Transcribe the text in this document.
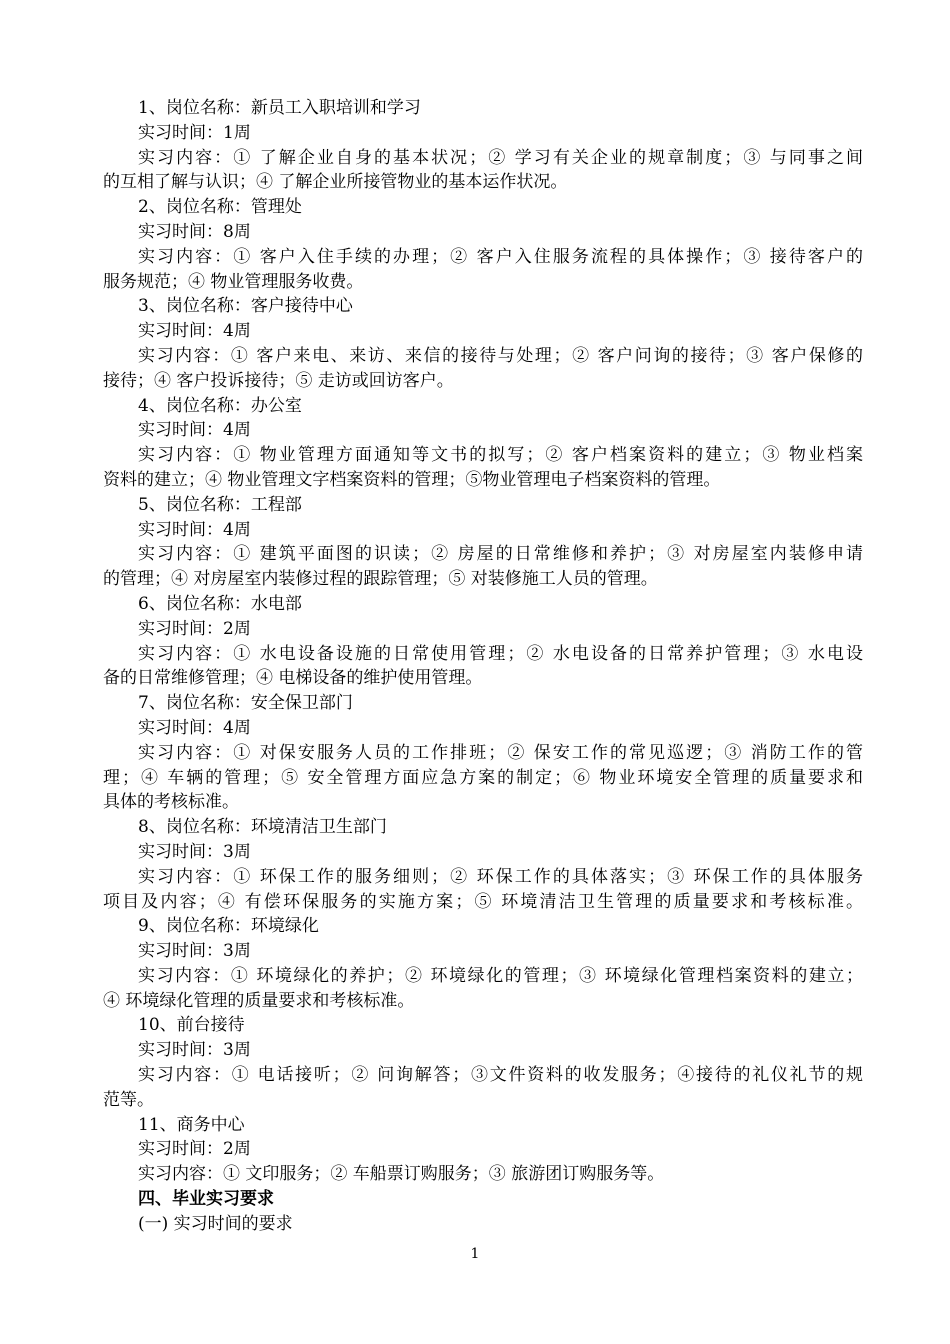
1、岗位名称：新员工入职培训和学习
实习时间：1周
实习内容：① 了解企业自身的基本状况；② 学习有关企业的规章制度；③ 与同事之间
的互相了解与认识；④ 了解企业所接管物业的基本运作状况。
2、岗位名称：管理处
实习时间：8周
实习内容：① 客户入住手续的办理；② 客户入住服务流程的具体操作；③ 接待客户的
服务规范；④ 物业管理服务收费。
3、岗位名称：客户接待中心
实习时间：4周
实习内容：① 客户来电、来访、来信的接待与处理；② 客户问询的接待；③ 客户保修的
接待；④ 客户投诉接待；⑤ 走访或回访客户。
4、岗位名称：办公室
实习时间：4周
实习内容：① 物业管理方面通知等文书的拟写；② 客户档案资料的建立；③ 物业档案
资料的建立；④ 物业管理文字档案资料的管理；⑤物业管理电子档案资料的管理。
5、岗位名称：工程部
实习时间：4周
实习内容：① 建筑平面图的识读；② 房屋的日常维修和养护；③ 对房屋室内装修申请
的管理；④ 对房屋室内装修过程的跟踪管理；⑤ 对装修施工人员的管理。
6、岗位名称：水电部
实习时间：2周
实习内容：① 水电设备设施的日常使用管理；② 水电设备的日常养护管理；③ 水电设
备的日常维修管理；④ 电梯设备的维护使用管理。
7、岗位名称：安全保卫部门
实习时间：4周
实习内容：① 对保安服务人员的工作排班；② 保安工作的常见巡逻；③ 消防工作的管
理；④ 车辆的管理；⑤ 安全管理方面应急方案的制定；⑥ 物业环境安全管理的质量要求和
具体的考核标准。
8、岗位名称：环境清洁卫生部门
实习时间：3周
实习内容：① 环保工作的服务细则；② 环保工作的具体落实；③ 环保工作的具体服务
项目及内容；④ 有偿环保服务的实施方案；⑤ 环境清洁卫生管理的质量要求和考核标准。
9、岗位名称：环境绿化
实习时间：3周
实习内容：① 环境绿化的养护；② 环境绿化的管理；③ 环境绿化管理档案资料的建立；
④ 环境绿化管理的质量要求和考核标准。
10、前台接待
实习时间：3周
实习内容：① 电话接听；② 问询解答；③文件资料的收发服务；④接待的礼仪礼节的规
范等。
11、商务中心
实习时间：2周
实习内容：① 文印服务；② 车船票订购服务；③ 旅游团订购服务等。
四、毕业实习要求
(一) 实习时间的要求
1
